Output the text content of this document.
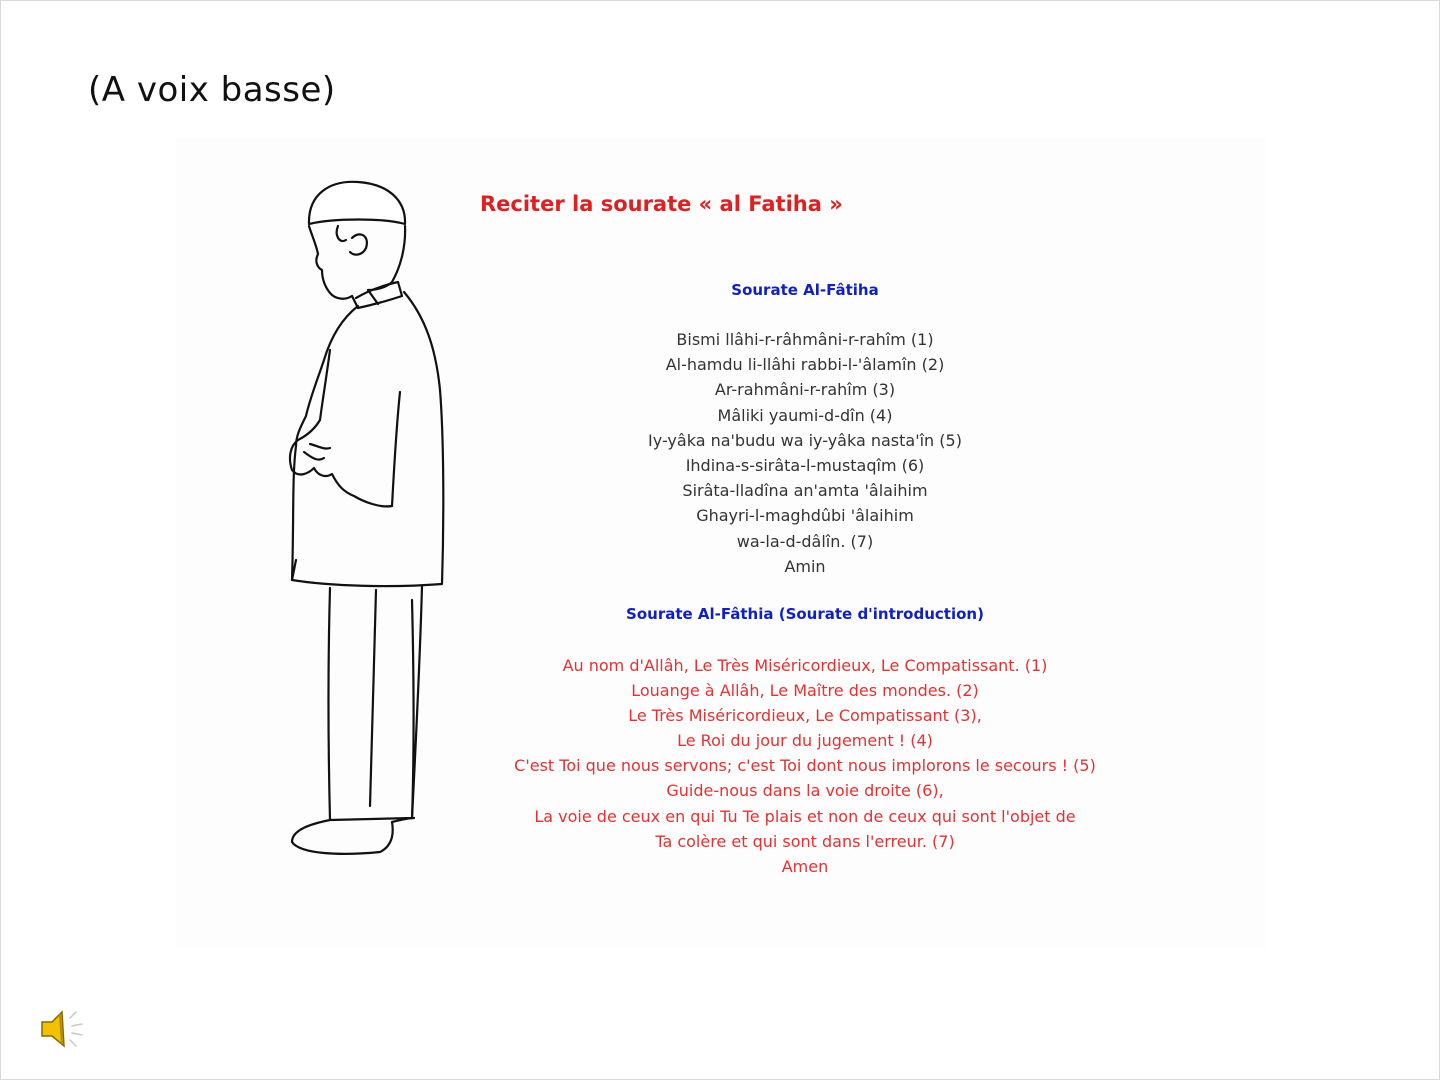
(A voix basse)
Reciter la sourate « al Fatiha »
Sourate Al-Fâtiha
Bismi llâhi-r-râhmâni-r-rahîm (1)
Al-hamdu li-llâhi rabbi-l-'âlamîn (2)
Ar-rahmâni-r-rahîm (3)
Mâliki yaumi-d-dîn (4)
Iy-yâka na'budu wa iy-yâka nasta'în (5)
Ihdina-s-sirâta-l-mustaqîm (6)
Sirâta-lladîna an'amta 'âlaihim
Ghayri-l-maghdûbi 'âlaihim
wa-la-d-dâlîn. (7)
Amin
Sourate Al-Fâthia (Sourate d'introduction)
Au nom d'Allâh, Le Très Miséricordieux, Le Compatissant. (1)
Louange à Allâh, Le Maître des mondes. (2)
Le Très Miséricordieux, Le Compatissant (3),
Le Roi du jour du jugement ! (4)
C'est Toi que nous servons; c'est Toi dont nous implorons le secours ! (5)
Guide-nous dans la voie droite (6),
La voie de ceux en qui Tu Te plais et non de ceux qui sont l'objet de
Ta colère et qui sont dans l'erreur. (7)
Amen
